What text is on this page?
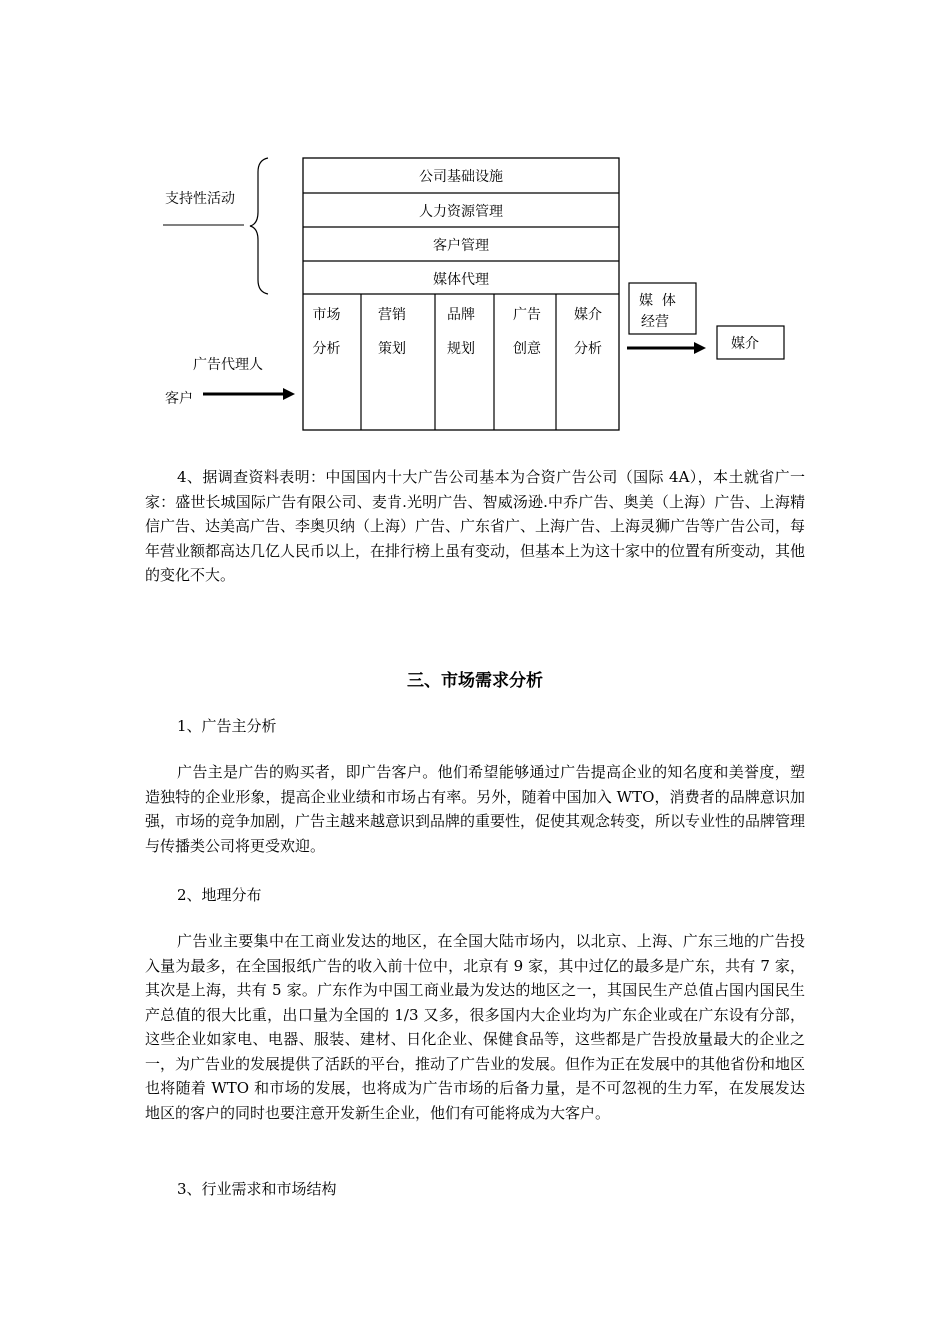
支持性活动
公司基础设施
人力资源管理
客户管理
媒体代理
市场
分析
营销
策划
品牌
规划
广告
创意
媒介
分析
广告代理人
客户
媒  体
经营
媒介

4、据调查资料表明：中国国内十大广告公司基本为合资广告公司（国际 4A），本土就省广一家：盛世长城国际广告有限公司、麦肯.光明广告、智威汤逊.中乔广告、奥美（上海）广告、上海精信广告、达美高广告、李奥贝纳（上海）广告、广东省广、上海广告、上海灵狮广告等广告公司，每年营业额都高达几亿人民币以上，在排行榜上虽有变动，但基本上为这十家中的位置有所变动，其他的变化不大。

三、市场需求分析

1、广告主分析

广告主是广告的购买者，即广告客户。他们希望能够通过广告提高企业的知名度和美誉度，塑造独特的企业形象，提高企业业绩和市场占有率。另外，随着中国加入 WTO，消费者的品牌意识加强，市场的竞争加剧，广告主越来越意识到品牌的重要性，促使其观念转变，所以专业性的品牌管理与传播类公司将更受欢迎。

2、地理分布

广告业主要集中在工商业发达的地区，在全国大陆市场内，以北京、上海、广东三地的广告投入量为最多，在全国报纸广告的收入前十位中，北京有 9 家，其中过亿的最多是广东，共有 7 家，其次是上海，共有 5 家。广东作为中国工商业最为发达的地区之一，其国民生产总值占国内国民生产总值的很大比重，出口量为全国的 1/3 又多，很多国内大企业均为广东企业或在广东设有分部，这些企业如家电、电器、服装、建材、日化企业、保健食品等，这些都是广告投放量最大的企业之一，为广告业的发展提供了活跃的平台，推动了广告业的发展。但作为正在发展中的其他省份和地区也将随着 WTO 和市场的发展，也将成为广告市场的后备力量，是不可忽视的生力军，在发展发达地区的客户的同时也要注意开发新生企业，他们有可能将成为大客户。

3、行业需求和市场结构
